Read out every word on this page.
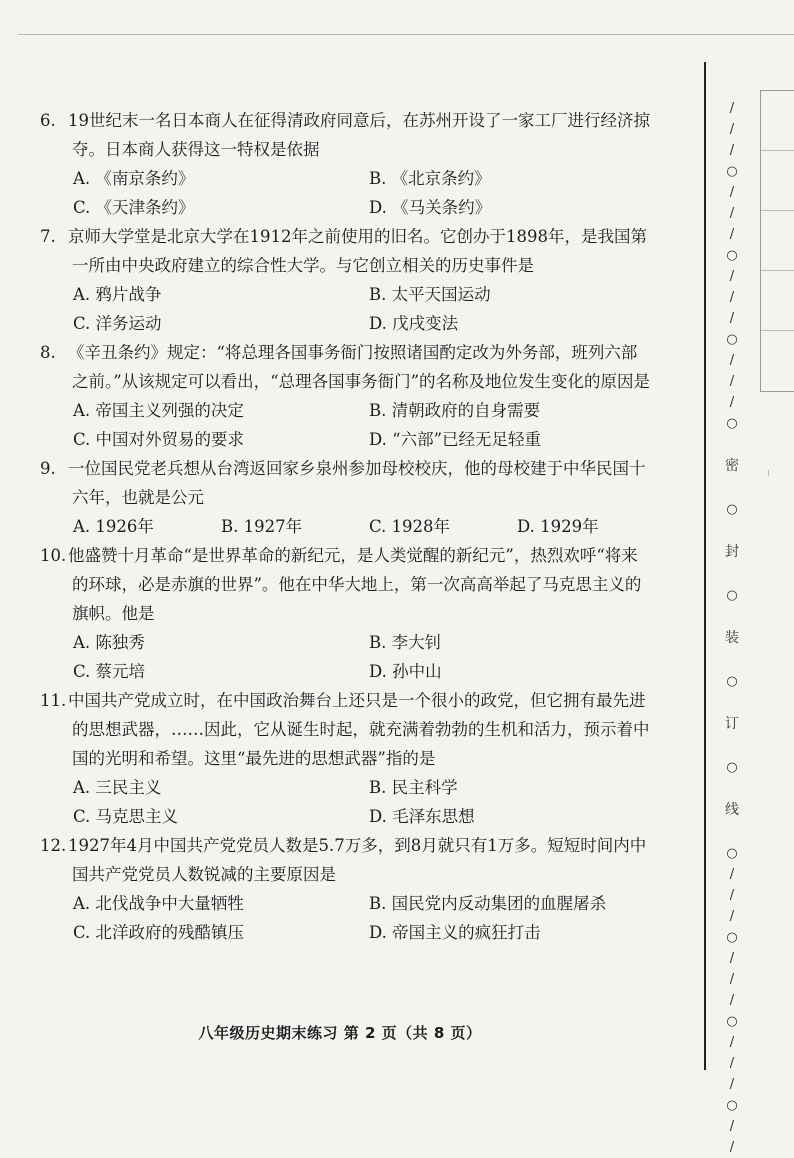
6. 19世纪末一名日本商人在征得清政府同意后，在苏州开设了一家工厂进行经济掠夺。日本商人获得这一特权是依据
A. 《南京条约》	B. 《北京条约》
C. 《天津条约》	D. 《马关条约》
7. 京师大学堂是北京大学在1912年之前使用的旧名。它创办于1898年，是我国第一所由中央政府建立的综合性大学。与它创立相关的历史事件是
A. 鸦片战争	B. 太平天国运动
C. 洋务运动	D. 戊戌变法
8. 《辛丑条约》规定：“将总理各国事务衙门按照诸国酌定改为外务部，班列六部之前。”从该规定可以看出，“总理各国事务衙门”的名称及地位发生变化的原因是
A. 帝国主义列强的决定	B. 清朝政府的自身需要
C. 中国对外贸易的要求	D. “六部”已经无足轻重
9. 一位国民党老兵想从台湾返回家乡泉州参加母校校庆，他的母校建于中华民国十六年，也就是公元
A. 1926年	B. 1927年	C. 1928年	D. 1929年
10. 他盛赞十月革命“是世界革命的新纪元，是人类觉醒的新纪元”，热烈欢呼“将来的环球，必是赤旗的世界”。他在中华大地上，第一次高高举起了马克思主义的旗帜。他是
A. 陈独秀	B. 李大钊
C. 蔡元培	D. 孙中山
11. 中国共产党成立时，在中国政治舞台上还只是一个很小的政党，但它拥有最先进的思想武器，……因此，它从诞生时起，就充满着勃勃的生机和活力，预示着中国的光明和希望。这里“最先进的思想武器”指的是
A. 三民主义	B. 民主科学
C. 马克思主义	D. 毛泽东思想
12. 1927年4月中国共产党党员人数是5.7万多，到8月就只有1万多。短短时间内中国共产党党员人数锐减的主要原因是
A. 北伐战争中大量牺牲	B. 国民党内反动集团的血腥屠杀
C. 北洋政府的残酷镇压	D. 帝国主义的疯狂打击
八年级历史期末练习 第 2 页（共 8 页）
/
/
/
○
/
/
/
○
/
/
/
○
/
/
/
○
密
○
封
○
装
○
订
○
线
○
/
/
/
○
/
/
/
○
/
/
/
○
/
/
